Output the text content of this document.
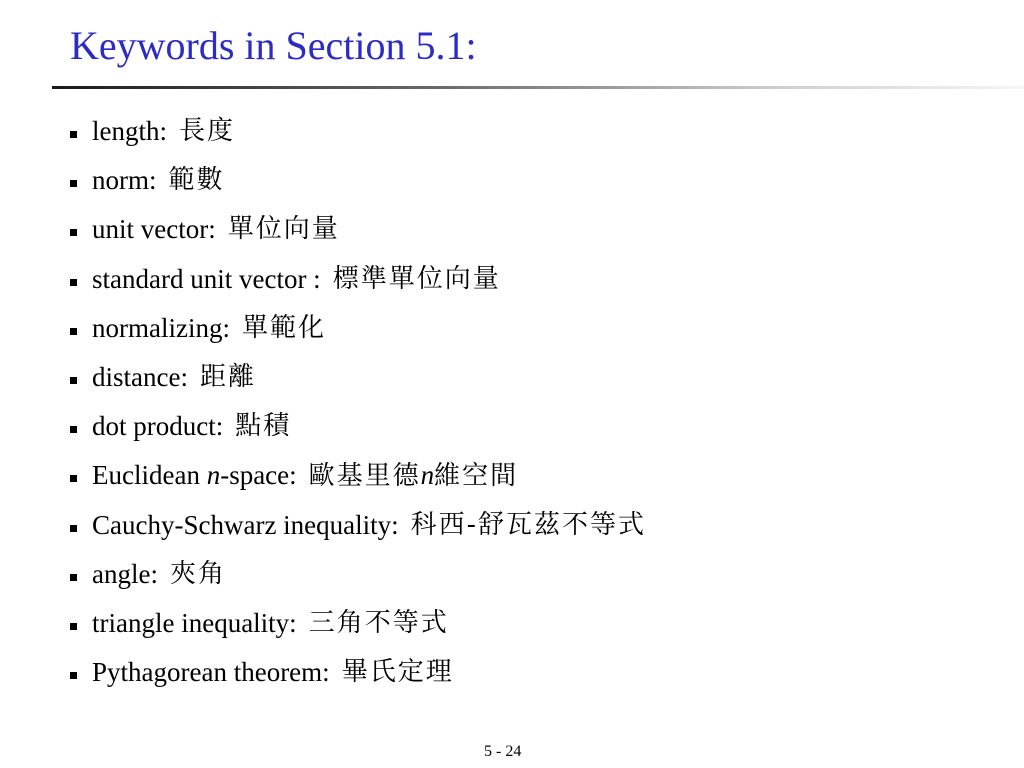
Keywords in Section 5.1:
length: 長度
norm: 範數
unit vector: 單位向量
standard unit vector : 標準單位向量
normalizing: 單範化
distance: 距離
dot product: 點積
Euclidean n-space: 歐基里德n維空間
Cauchy-Schwarz inequality: 科西-舒瓦茲不等式
angle: 夾角
triangle inequality: 三角不等式
Pythagorean theorem: 畢氏定理
5 - 24
